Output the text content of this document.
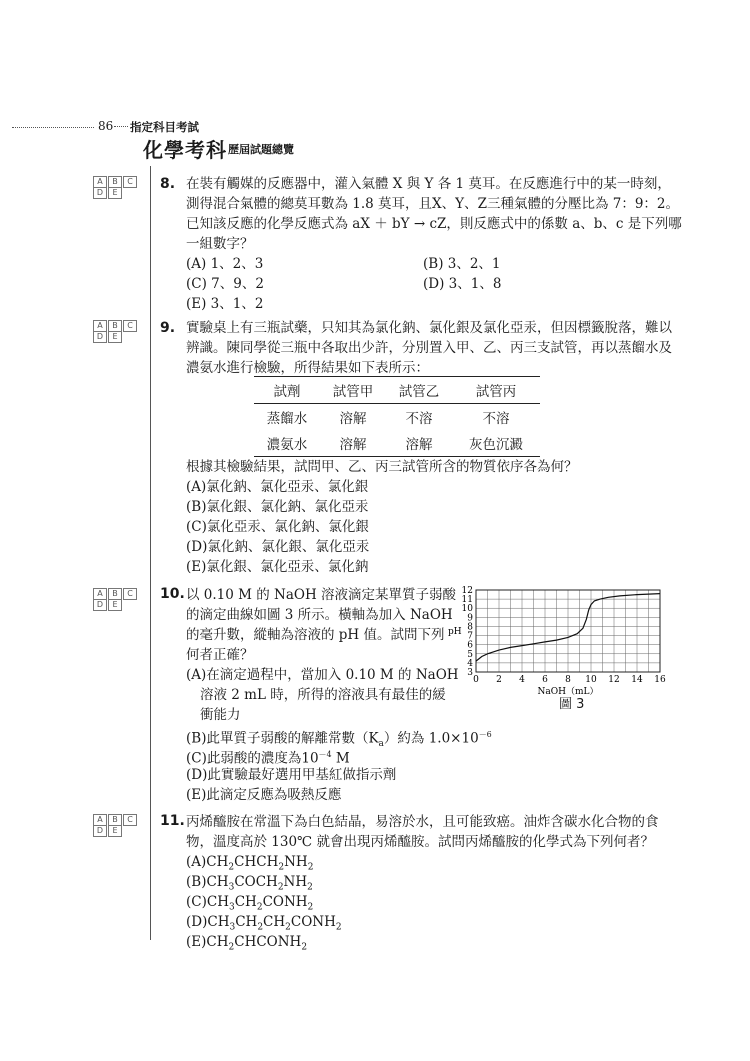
86 指定科目考試
化學考科 歷屆試題總覽
A	B	C
D	E
A	B	C
D	E
A	B	C
D	E
A	B	C
D	E
8. 在裝有觸媒的反應器中，灌入氣體 X 與 Y 各 1 莫耳。在反應進行中的某一時刻，
測得混合氣體的總莫耳數為 1.8 莫耳，且X、Y、Z三種氣體的分壓比為 7：9：2。
已知該反應的化學反應式為 aX ＋ bY → cZ，則反應式中的係數 a、b、c 是下列哪
一組數字？
(A) 1、2、3	(B) 3、2、1
(C) 7、9、2	(D) 3、1、8
(E) 3、1、2
9. 實驗桌上有三瓶試藥，只知其為氯化鈉、氯化銀及氯化亞汞，但因標籤脫落，難以
辨識。陳同學從三瓶中各取出少許，分別置入甲、乙、丙三支試管，再以蒸餾水及
濃氨水進行檢驗，所得結果如下表所示：
試劑	試管甲	試管乙	試管丙
蒸餾水	溶解	不溶	不溶
濃氨水	溶解	溶解	灰色沉澱
根據其檢驗結果，試問甲、乙、丙三試管所含的物質依序各為何？
(A)氯化鈉、氯化亞汞、氯化銀
(B)氯化銀、氯化鈉、氯化亞汞
(C)氯化亞汞、氯化鈉、氯化銀
(D)氯化鈉、氯化銀、氯化亞汞
(E)氯化銀、氯化亞汞、氯化鈉
10. 以 0.10 M 的 NaOH 溶液滴定某單質子弱酸
的滴定曲線如圖 3 所示。橫軸為加入 NaOH
的毫升數，縱軸為溶液的 pH 值。試問下列
何者正確？
(A)在滴定過程中，當加入 0.10 M 的 NaOH
溶液 2 mL 時，所得的溶液具有最佳的緩
衝能力
(B)此單質子弱酸的解離常數$(K_a)$約為 $1.0\times 10^{-6}$
(C)此弱酸的濃度為$10^{-4}$ M
(D)此實驗最好選用甲基紅做指示劑
(E)此滴定反應為吸熱反應
0 2 4 6 8 10 12 14 16
3
4
5
6
7
8
9
10
11
12
NaOH（mL）
pH
圖 3
11. 丙烯醯胺在常溫下為白色結晶，易溶於水，且可能致癌。油炸含碳水化合物的食
物，溫度高於 130℃ 就會出現丙烯醯胺。試問丙烯醯胺的化學式為下列何者？
$(A)CH_2CHCH_2NH_2$
$(B)CH_3COCH_2NH_2$
$(C)CH_3CH_2CONH_2$
$(D)CH_3CH_2CH_2CONH_2$
$(E)CH_2CHCONH_2$
